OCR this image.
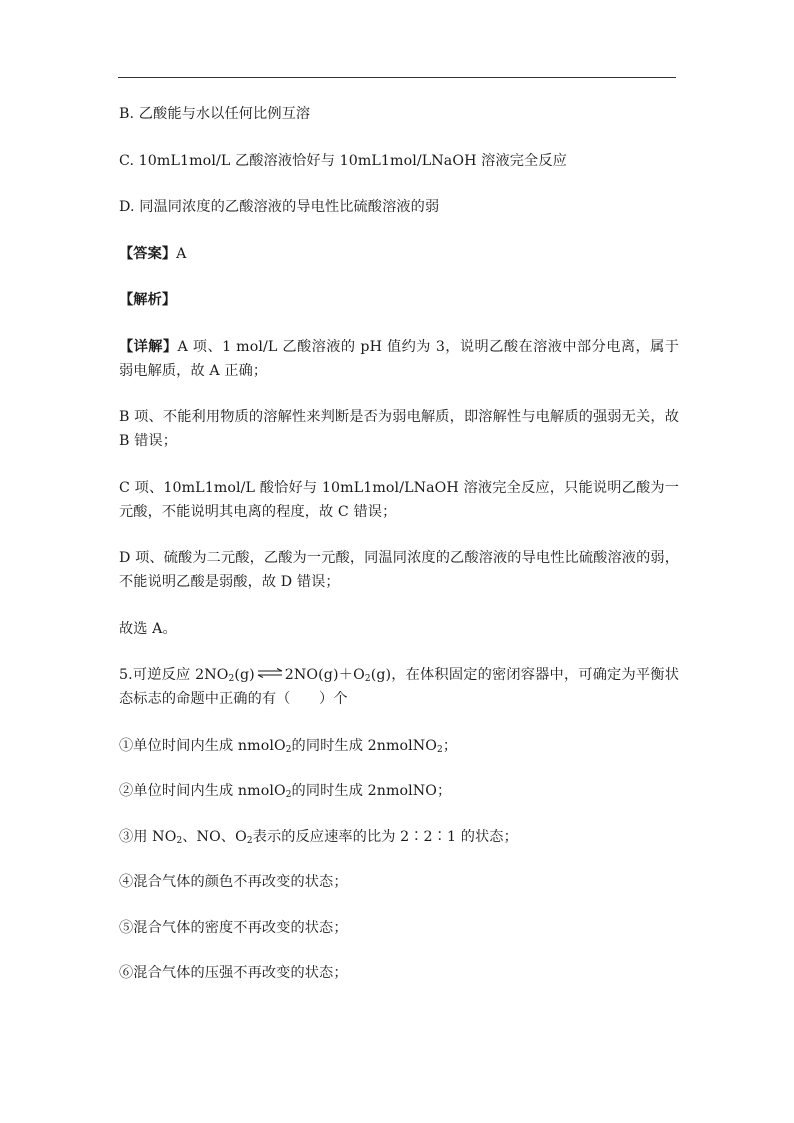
B. 乙酸能与水以任何比例互溶

C. 10mL1mol/L 乙酸溶液恰好与 10mL1mol/LNaOH 溶液完全反应

D. 同温同浓度的乙酸溶液的导电性比硫酸溶液的弱

【答案】A

【解析】

【详解】A 项、1 mol/L 乙酸溶液的 pH 值约为 3，说明乙酸在溶液中部分电离，属于弱电解质，故 A 正确；

B 项、不能利用物质的溶解性来判断是否为弱电解质，即溶解性与电解质的强弱无关，故 B 错误；

C 项、10mL1mol/L 酸恰好与 10mL1mol/LNaOH 溶液完全反应，只能说明乙酸为一元酸，不能说明其电离的程度，故 C 错误；

D 项、硫酸为二元酸，乙酸为一元酸，同温同浓度的乙酸溶液的导电性比硫酸溶液的弱，不能说明乙酸是弱酸，故 D 错误；

故选 A。

5.可逆反应 $2NO_2(g)$ ⇌ $2NO(g)+O_2(g)$，在体积固定的密闭容器中，可确定为平衡状态标志的命题中正确的有（　　）个

①单位时间内生成 nmolO$_2$的同时生成 2nmolNO$_2$；

②单位时间内生成 nmolO$_2$的同时生成 2nmolNO；

③用 $NO_2$、NO、$O_2$表示的反应速率的比为 2∶2∶1 的状态；

④混合气体的颜色不再改变的状态；

⑤混合气体的密度不再改变的状态；

⑥混合气体的压强不再改变的状态；
